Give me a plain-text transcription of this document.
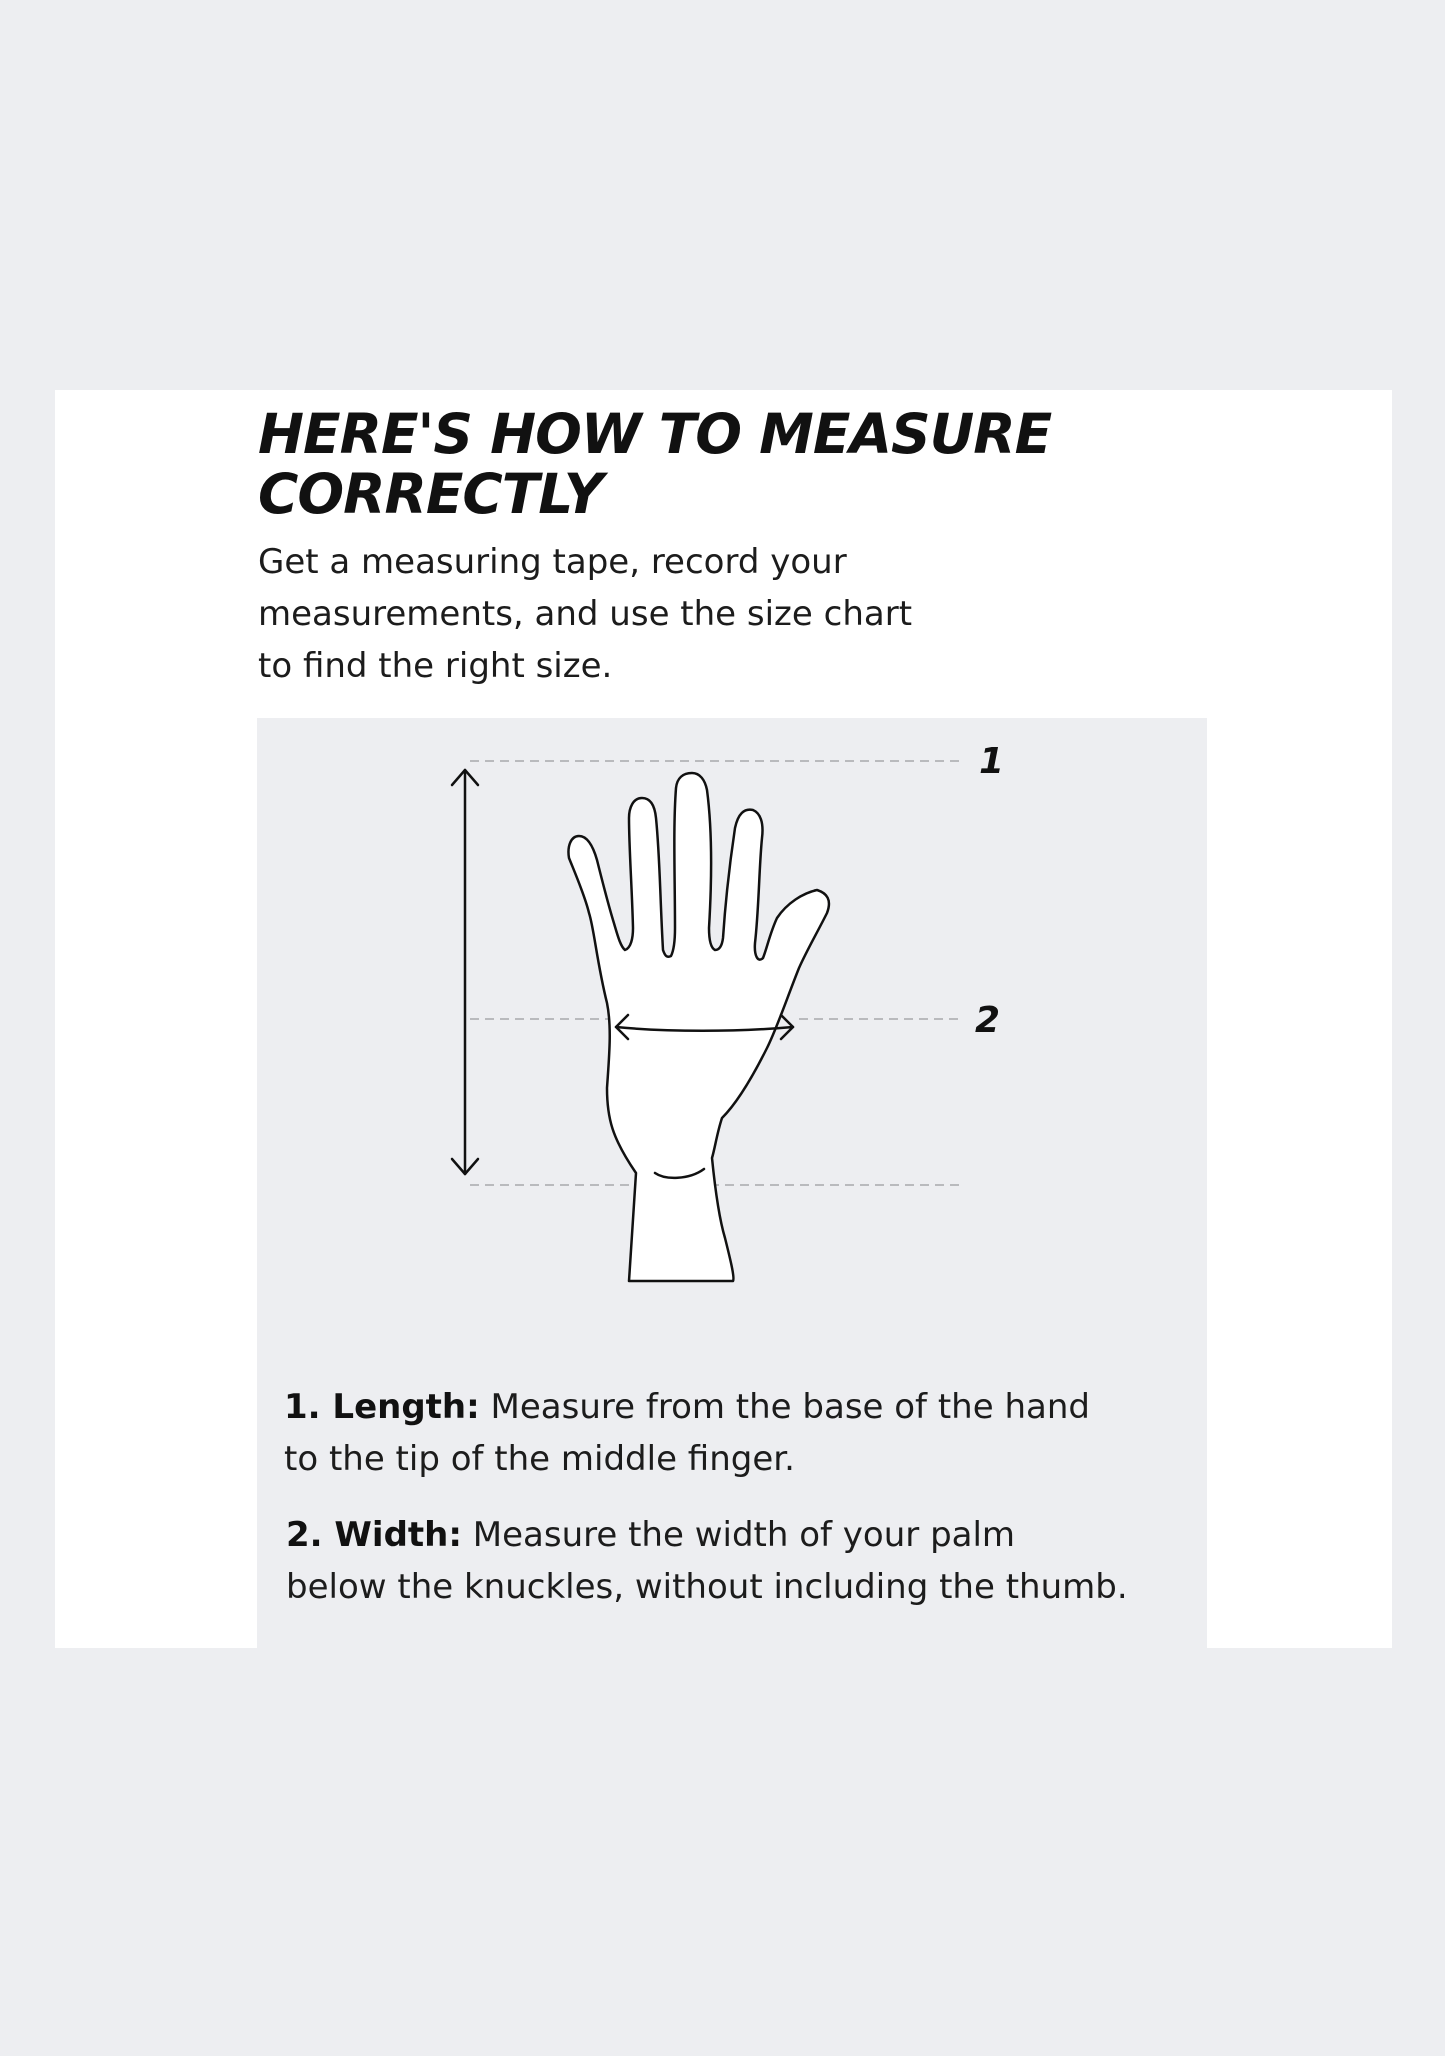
HERE'S HOW TO MEASURE
CORRECTLY
Get a measuring tape, record your
measurements, and use the size chart
to find the right size.
1
2
1. Length: Measure from the base of the hand
to the tip of the middle finger.
2. Width: Measure the width of your palm
below the knuckles, without including the thumb.
